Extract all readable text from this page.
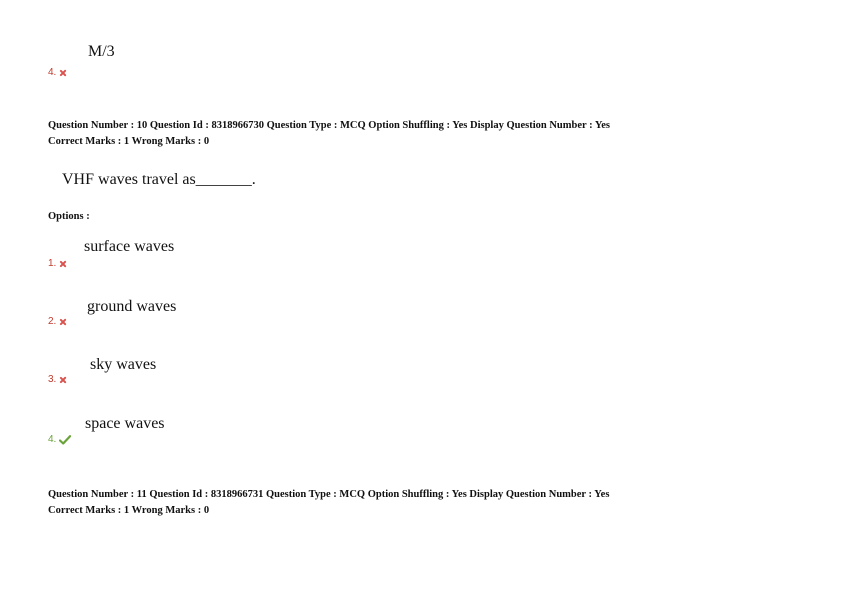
M/3
4.
Question Number : 10 Question Id : 8318966730 Question Type : MCQ Option Shuffling : Yes Display Question Number : Yes
Correct Marks : 1 Wrong Marks : 0
VHF waves travel as_______.
Options :
surface waves
1.
ground waves
2.
sky waves
3.
space waves
4.
Question Number : 11 Question Id : 8318966731 Question Type : MCQ Option Shuffling : Yes Display Question Number : Yes
Correct Marks : 1 Wrong Marks : 0
